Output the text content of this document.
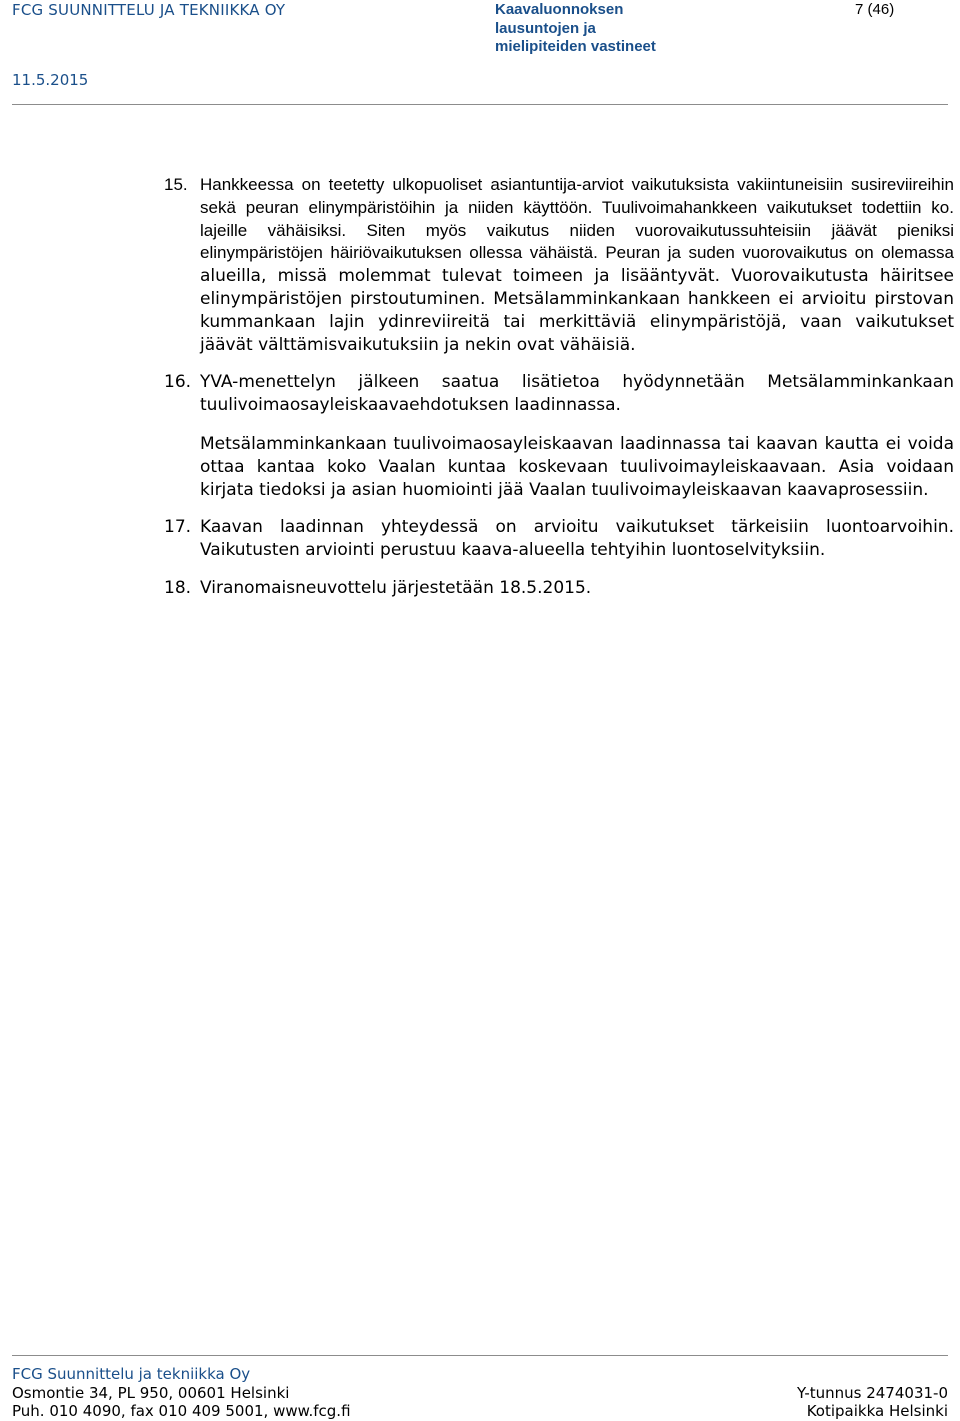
FCG SUUNNITTELU JA TEKNIIKKA OY
11.5.2015
Kaavaluonnoksen
lausuntojen ja
mielipiteiden vastineet
7 (46)
15. Hankkeessa on teetetty ulkopuoliset asiantuntija-arviot vaikutuksista vakiintuneisiin susireviireihin sekä peuran elinympäristöihin ja niiden käyttöön. Tuulivoimahankkeen vaikutukset todettiin ko. lajeille vähäisiksi. Siten myös vaikutus niiden vuorovaikutussuhteisiin jäävät pieniksi elinympäristöjen häiriövaikutuksen ollessa vähäistä. Peuran ja suden vuorovaikutus on olemassa alueilla, missä molemmat tulevat toimeen ja lisääntyvät. Vuorovaikutusta häiritsee elinympäristöjen pirstoutuminen. Metsälamminkankaan hankkeen ei arvioitu pirstovan kummankaan lajin ydinreviireitä tai merkittäviä elinympäristöjä, vaan vaikutukset jäävät välttämisvaikutuksiin ja nekin ovat vähäisiä.

16. YVA-menettelyn jälkeen saatua lisätietoa hyödynnetään Metsälamminkankaan tuulivoimaosayleiskaavaehdotuksen laadinnassa.

Metsälamminkankaan tuulivoimaosayleiskaavan laadinnassa tai kaavan kautta ei voida ottaa kantaa koko Vaalan kuntaa koskevaan tuulivoimayleiskaavaan. Asia voidaan kirjata tiedoksi ja asian huomiointi jää Vaalan tuulivoimayleiskaavan kaavaprosessiin.

17. Kaavan laadinnan yhteydessä on arvioitu vaikutukset tärkeisiin luontoarvoihin. Vaikutusten arviointi perustuu kaava-alueella tehtyihin luontoselvityksiin.

18. Viranomaisneuvottelu järjestetään 18.5.2015.

FCG Suunnittelu ja tekniikka Oy
Osmontie 34, PL 950, 00601 Helsinki
Puh. 010 4090, fax 010 409 5001, www.fcg.fi
Y-tunnus 2474031-0
Kotipaikka Helsinki
